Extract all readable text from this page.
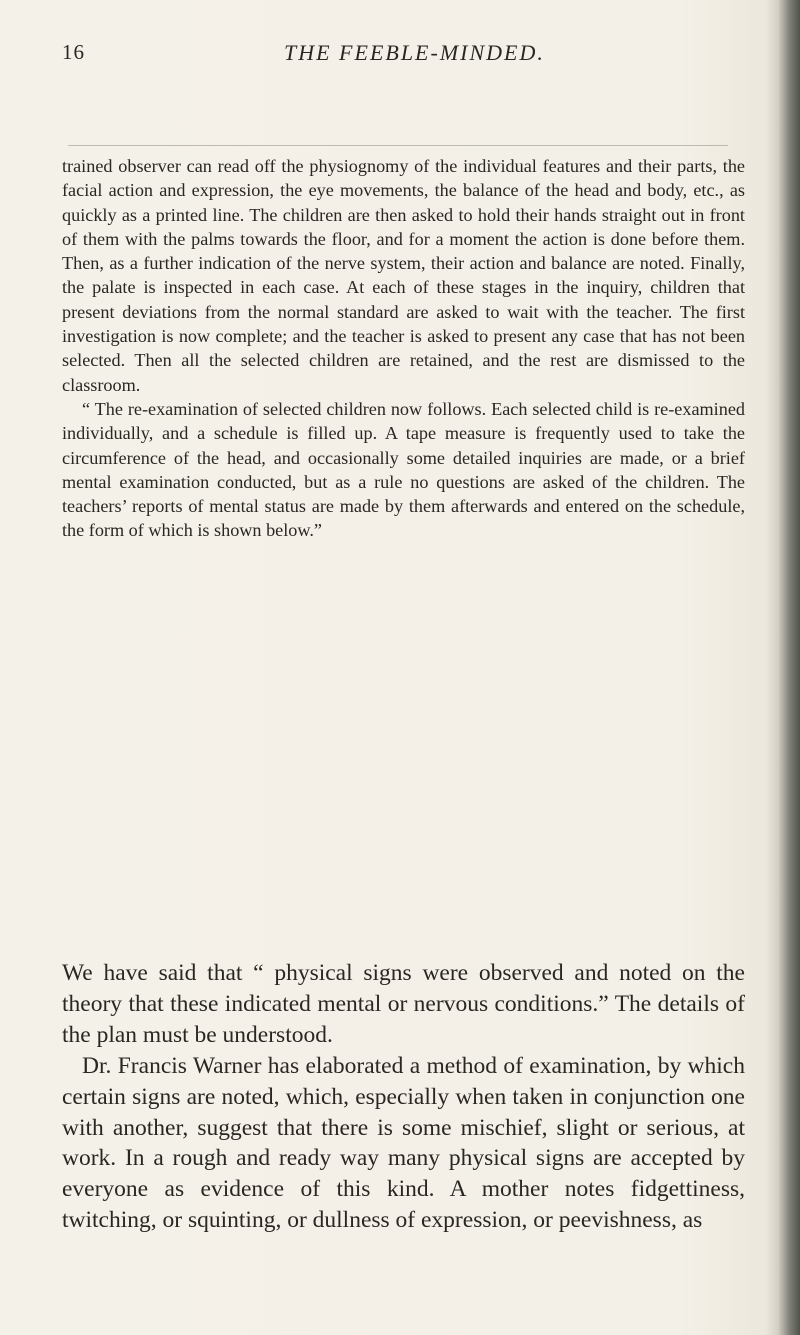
16	THE FEEBLE-MINDED.

trained observer can read off the physiognomy of the individual features and their parts, the facial action and expression, the eye movements, the balance of the head and body, etc., as quickly as a printed line. The children are then asked to hold their hands straight out in front of them with the palms towards the floor, and for a moment the action is done before them. Then, as a further indication of the nerve system, their action and balance are noted. Finally, the palate is inspected in each case. At each of these stages in the inquiry, children that present deviations from the normal standard are asked to wait with the teacher. The first investigation is now complete; and the teacher is asked to present any case that has not been selected. Then all the selected children are retained, and the rest are dismissed to the classroom.

“ The re-examination of selected children now follows. Each selected child is re-examined individually, and a schedule is filled up. A tape measure is frequently used to take the circumference of the head, and occasionally some detailed inquiries are made, or a brief mental examination conducted, but as a rule no questions are asked of the children. The teachers’ reports of mental status are made by them afterwards and entered on the schedule, the form of which is shown below.”

We have said that “ physical signs were observed and noted on the theory that these indicated mental or nervous conditions.” The details of the plan must be understood.

Dr. Francis Warner has elaborated a method of examination, by which certain signs are noted, which, especially when taken in conjunction one with another, suggest that there is some mischief, slight or serious, at work. In a rough and ready way many physical signs are accepted by everyone as evidence of this kind. A mother notes fidgettiness, twitching, or squinting, or dullness of expression, or peevishness, as
